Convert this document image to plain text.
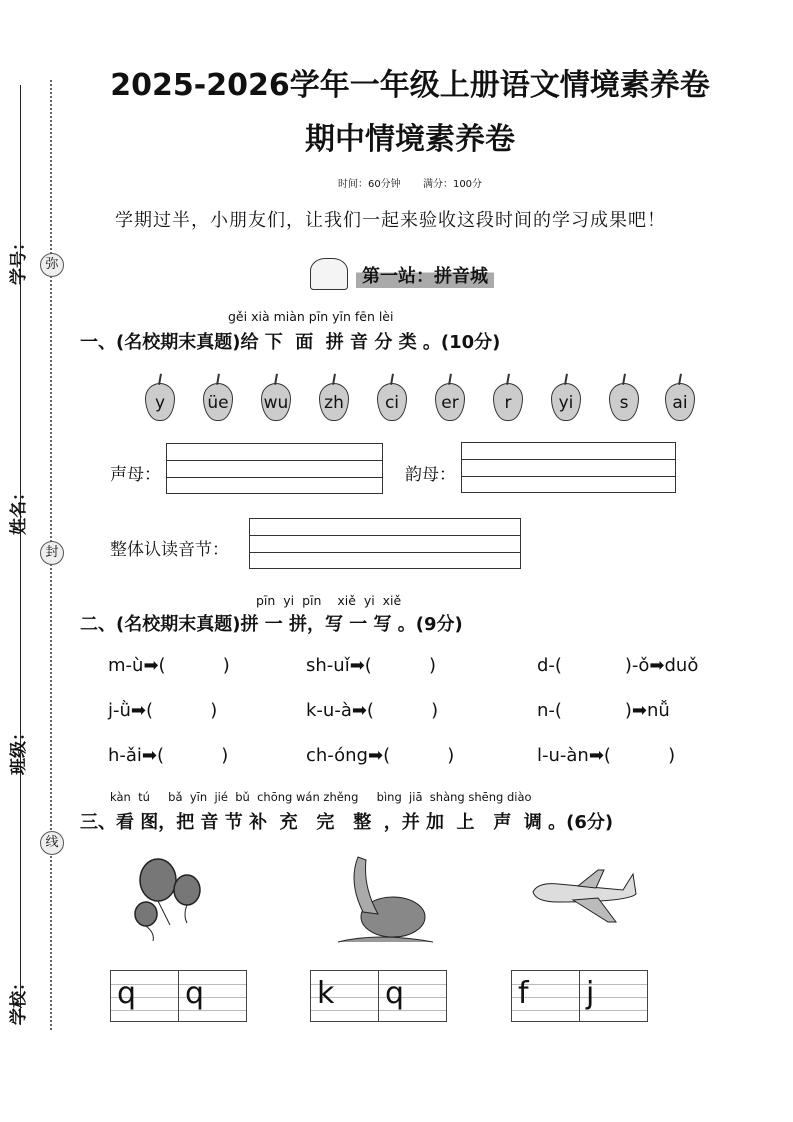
学号：
姓名：
班级：
学校：
弥
封
线
2025-2026学年一年级上册语文情境素养卷
期中情境素养卷
时间：60分钟 满分：100分
学期过半，小朋友们，让我们一起来验收这段时间的学习成果吧！
第一站：拼音城
gěi xià miàn pīn yīn fēn lèi
一、(名校期末真题)给 下  面  拼 音 分 类 。(10分)
y	üe wu	zh	ci	er	r	yi	s	ai
声母：	韵母：
整体认读音节：
pīn  yi  pīn    xiě  yi  xiě
二、(名校期末真题)拼 一 拼，写 一 写 。(9分)
m-ù➡(          )	sh-uǐ➡(          )	d-(           )-ǒ➡duǒ
j-ǜ➡(          )	k-u-à➡(          )	n-(           )➡nǚ
h-ǎi➡(          )	ch-óng➡(          )	l-u-àn➡(          )
kàn  tú     bǎ  yīn  jié  bǔ  chōng wán zhěng     bìng  jiā  shàng shēng diào
三、看 图，把 音 节 补  充   完   整  ，并 加  上   声  调 。(6分)
q q	k q	f j
